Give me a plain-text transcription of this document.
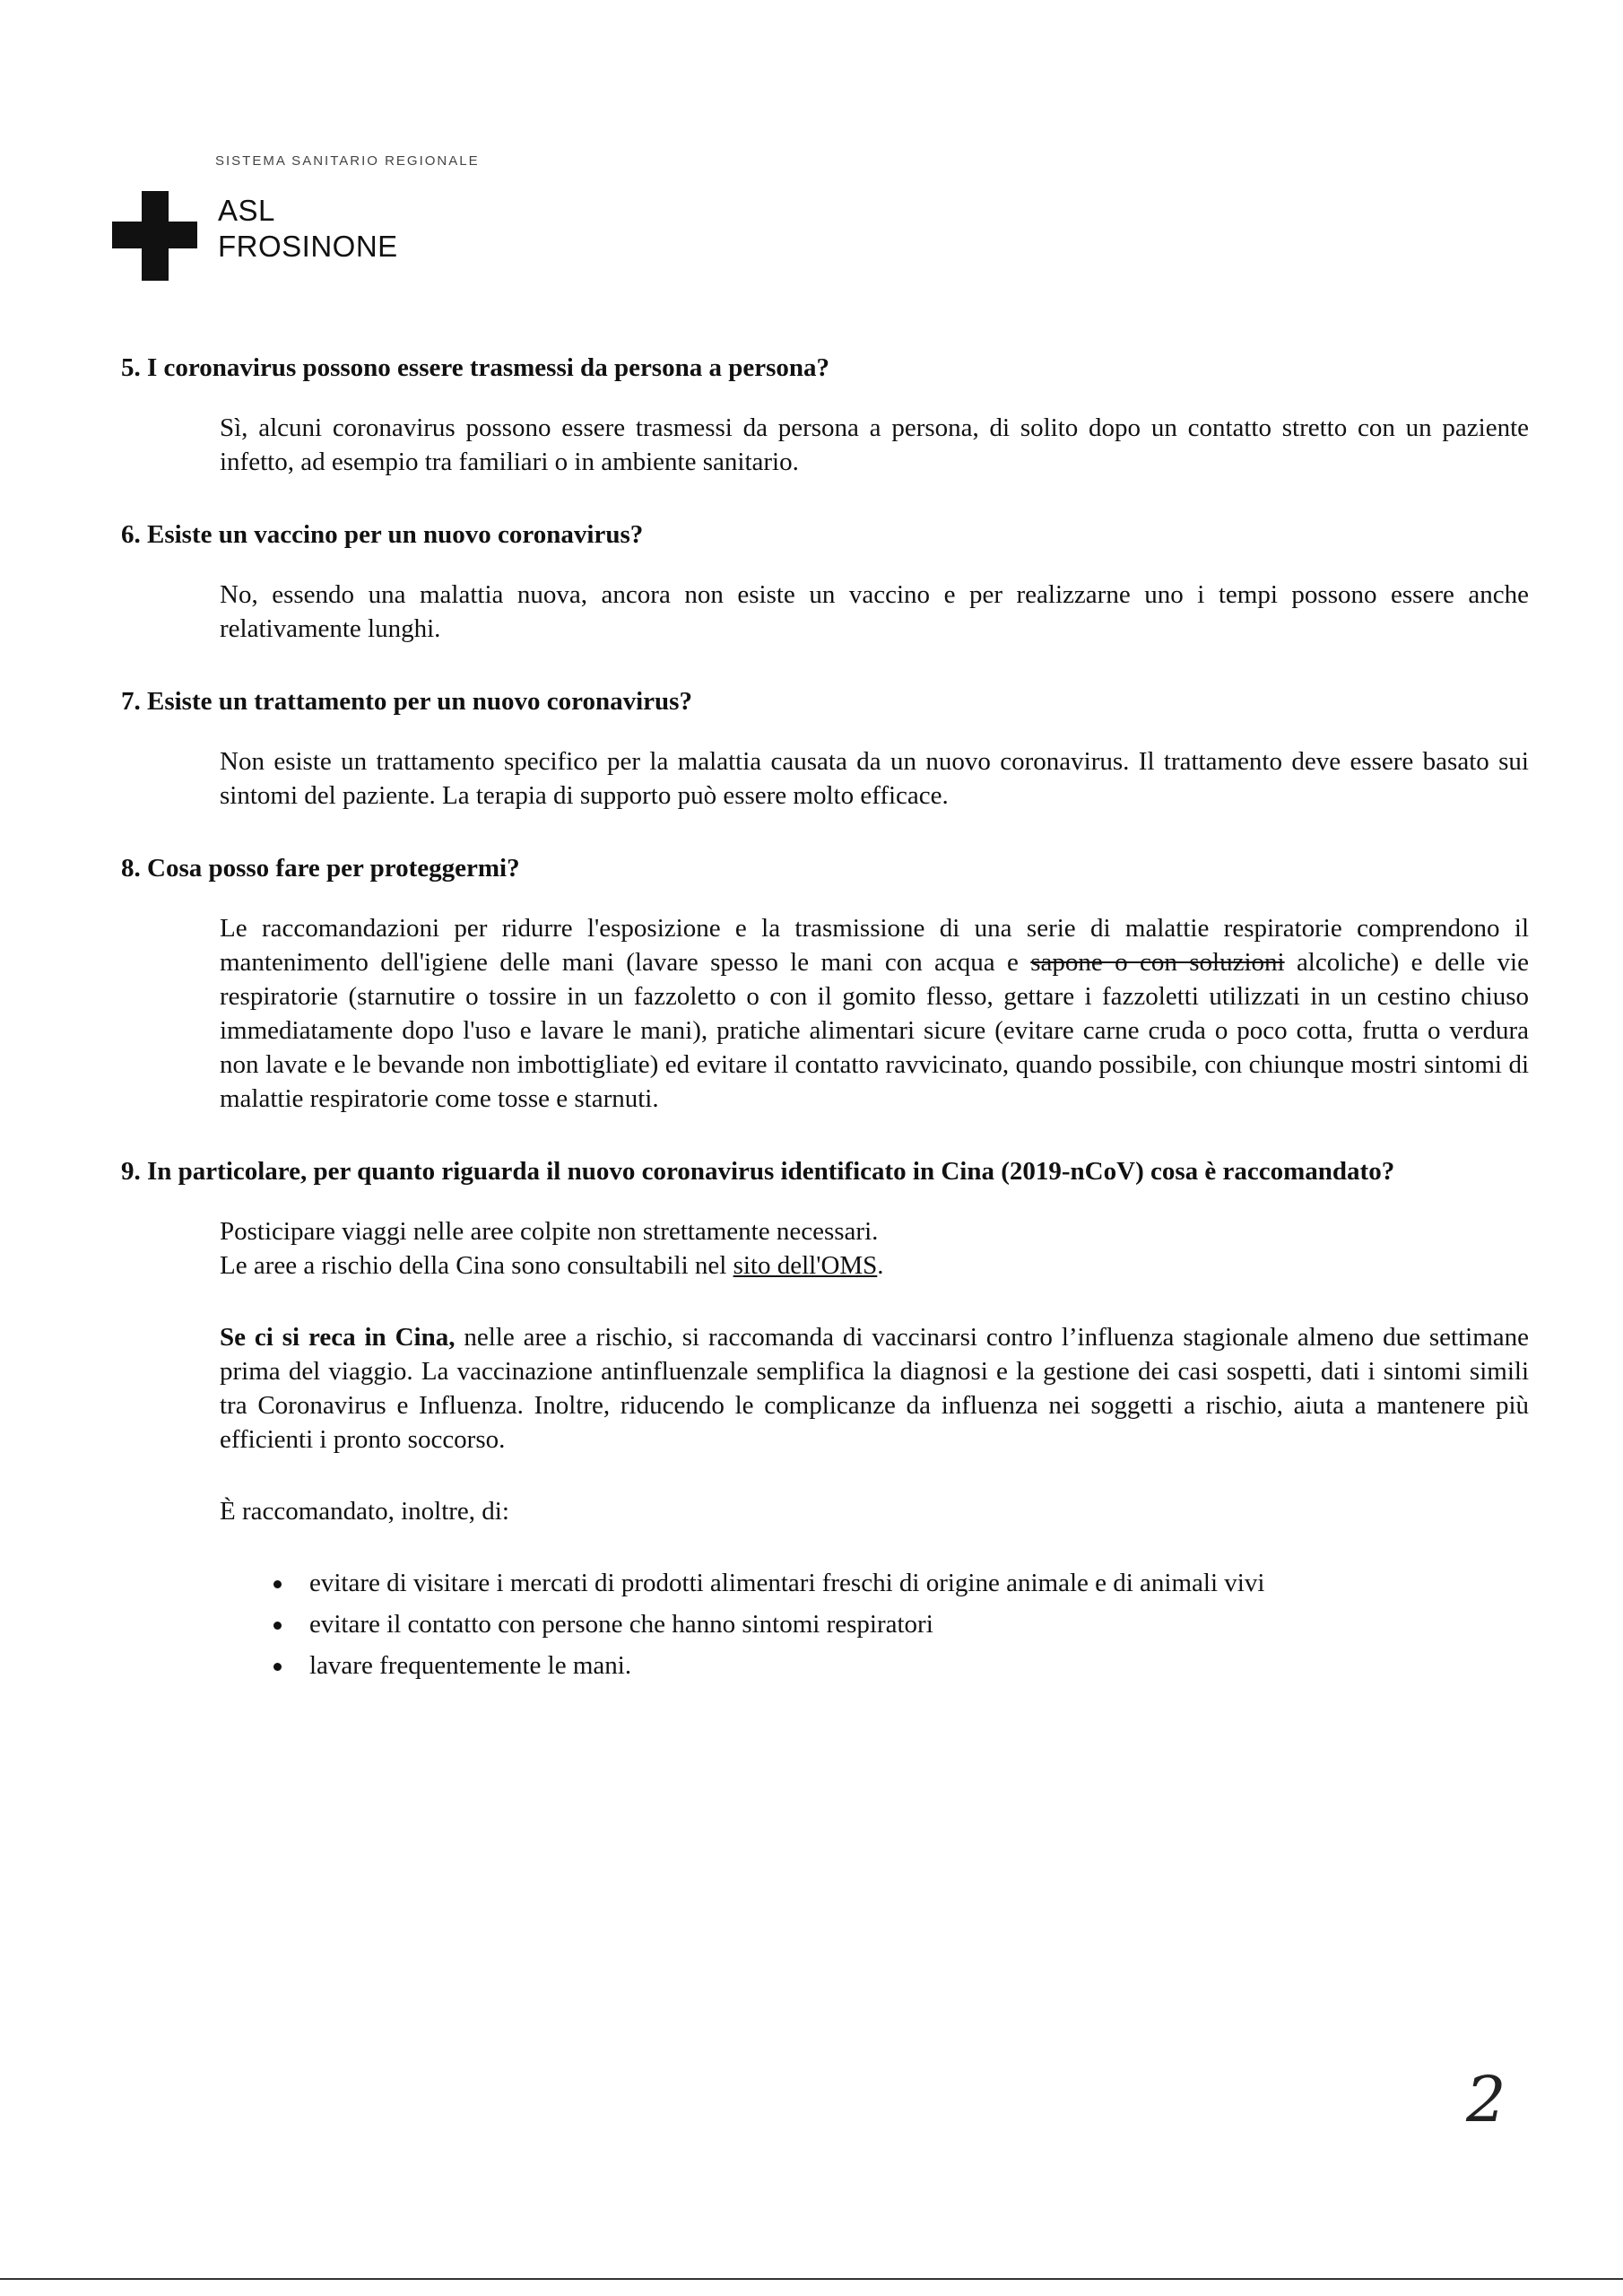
SISTEMA SANITARIO REGIONALE
ASL
FROSINONE

5. I coronavirus possono essere trasmessi da persona a persona?

Sì, alcuni coronavirus possono essere trasmessi da persona a persona, di solito dopo un contatto stretto con un paziente infetto, ad esempio tra familiari o in ambiente sanitario.

6. Esiste un vaccino per un nuovo coronavirus?

No, essendo una malattia nuova, ancora non esiste un vaccino e per realizzarne uno i tempi possono essere anche relativamente lunghi.

7. Esiste un trattamento per un nuovo coronavirus?

Non esiste un trattamento specifico per la malattia causata da un nuovo coronavirus. Il trattamento deve essere basato sui sintomi del paziente. La terapia di supporto può essere molto efficace.

8. Cosa posso fare per proteggermi?

Le raccomandazioni per ridurre l'esposizione e la trasmissione di una serie di malattie respiratorie comprendono il mantenimento dell'igiene delle mani (lavare spesso le mani con acqua e sapone o con soluzioni alcoliche) e delle vie respiratorie (starnutire o tossire in un fazzoletto o con il gomito flesso, gettare i fazzoletti utilizzati in un cestino chiuso immediatamente dopo l'uso e lavare le mani), pratiche alimentari sicure (evitare carne cruda o poco cotta, frutta o verdura non lavate e le bevande non imbottigliate) ed evitare il contatto ravvicinato, quando possibile, con chiunque mostri sintomi di malattie respiratorie come tosse e starnuti.

9. In particolare, per quanto riguarda il nuovo coronavirus identificato in Cina (2019-nCoV) cosa è raccomandato?

Posticipare viaggi nelle aree colpite non strettamente necessari.
Le aree a rischio della Cina sono consultabili nel sito dell'OMS.

Se ci si reca in Cina, nelle aree a rischio, si raccomanda di vaccinarsi contro l’influenza stagionale almeno due settimane prima del viaggio. La vaccinazione antinfluenzale semplifica la diagnosi e la gestione dei casi sospetti, dati i sintomi simili tra Coronavirus e Influenza. Inoltre, riducendo le complicanze da influenza nei soggetti a rischio, aiuta a mantenere più efficienti i pronto soccorso.

È raccomandato, inoltre, di:

evitare di visitare i mercati di prodotti alimentari freschi di origine animale e di animali vivi
evitare il contatto con persone che hanno sintomi respiratori
lavare frequentemente le mani.
2
